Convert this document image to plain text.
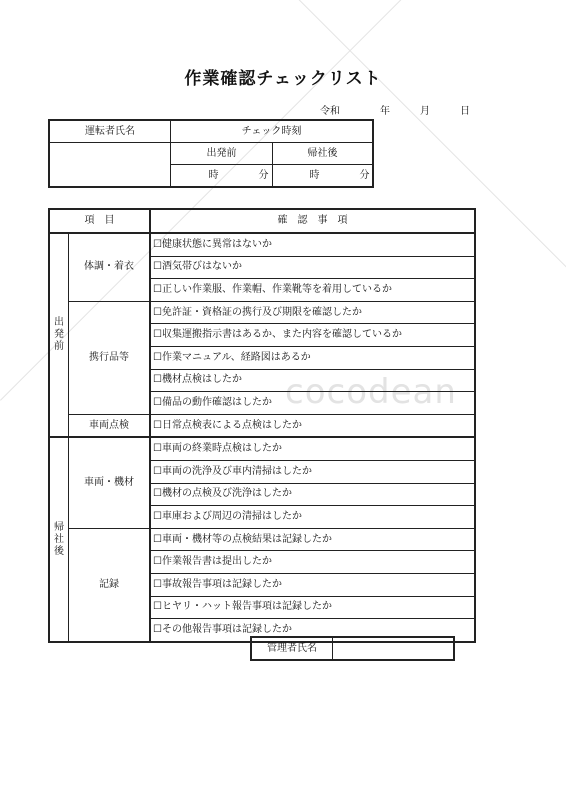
cocodean
作業確認チェックリスト
令和	年	月	日
運転者氏名	チェック時刻	
	出発前	帰社後
	時 分	時 分
項　目		確　認　事　項
出
発
前	体調・着衣	☐健康状態に異常はないか
		☐酒気帯びはないか
		☐正しい作業服、作業帽、作業靴等を着用しているか
	携行品等	☐免許証・資格証の携行及び期限を確認したか
		☐収集運搬指示書はあるか、また内容を確認しているか
		☐作業マニュアル、経路図はあるか
		☐機材点検はしたか
		☐備品の動作確認はしたか
	車両点検	☐日常点検表による点検はしたか
帰
社
後	車両・機材	☐車両の終業時点検はしたか
		☐車両の洗浄及び車内清掃はしたか
		☐機材の点検及び洗浄はしたか
		☐車庫および周辺の清掃はしたか
	記録	☐車両・機材等の点検結果は記録したか
		☐作業報告書は提出したか
		☐事故報告事項は記録したか
		☐ヒヤリ・ハット報告事項は記録したか
		☐その他報告事項は記録したか
管理者氏名	
